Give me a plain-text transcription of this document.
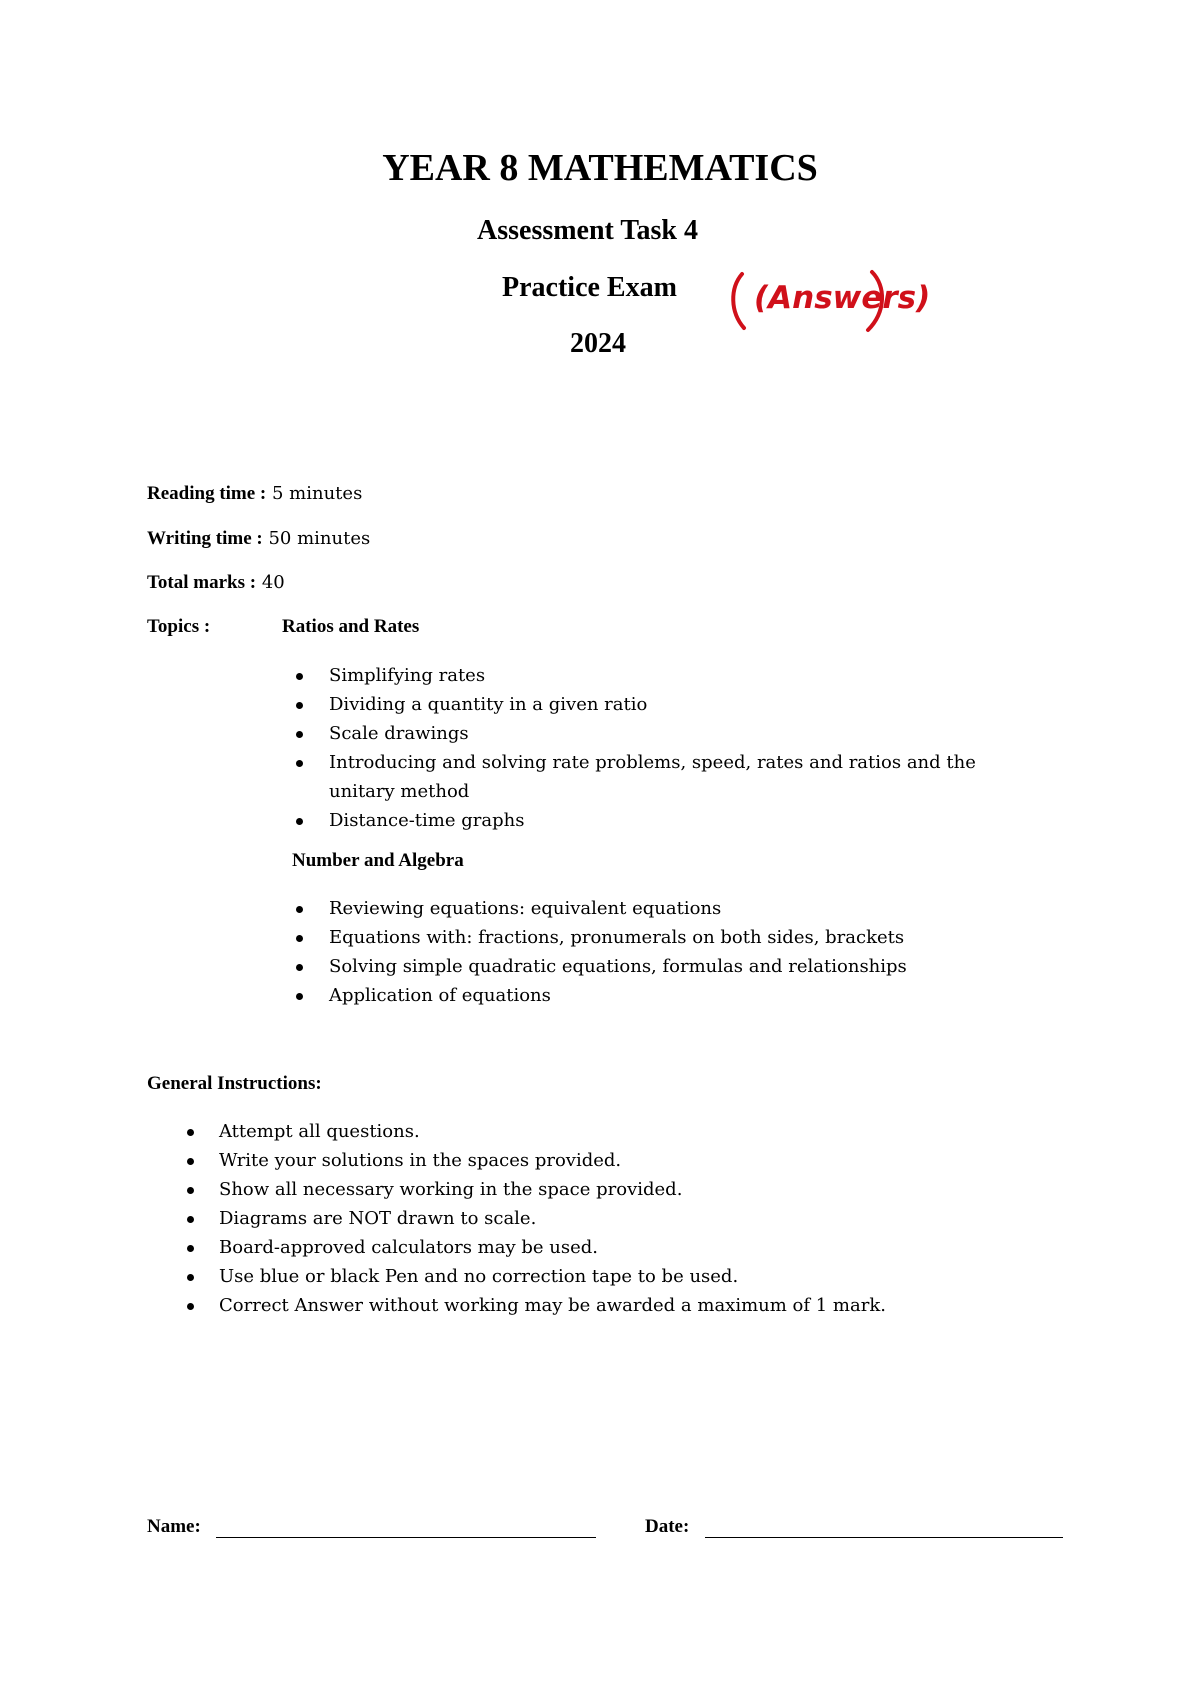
YEAR 8 MATHEMATICS
Assessment Task 4
Practice Exam (Answers)
2024
Reading time : 5 minutes
Writing time : 50 minutes
Total marks : 40
Topics :	Ratios and Rates
Simplifying rates
Dividing a quantity in a given ratio
Scale drawings
Introducing and solving rate problems, speed, rates and ratios and the unitary method
Distance-time graphs
Number and Algebra
Reviewing equations: equivalent equations
Equations with: fractions, pronumerals on both sides, brackets
Solving simple quadratic equations, formulas and relationships
Application of equations
General Instructions:
Attempt all questions.
Write your solutions in the spaces provided.
Show all necessary working in the space provided.
Diagrams are NOT drawn to scale.
Board-approved calculators may be used.
Use blue or black Pen and no correction tape to be used.
Correct Answer without working may be awarded a maximum of 1 mark.
Name:	Date:
